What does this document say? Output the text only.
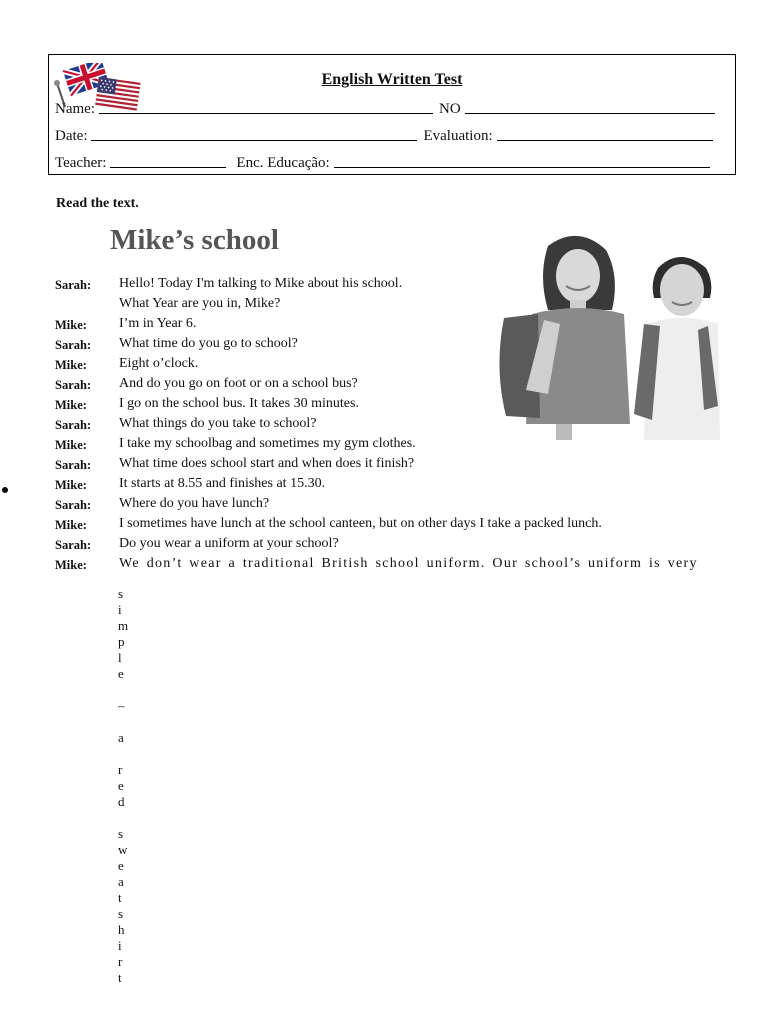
English Written Test
Name:	NO
Date:	Evaluation:
Teacher:	Enc. Educação:
Read the text.
Mike’s school
Sarah: Hello! Today I'm talking to Mike about his school.
What Year are you in, Mike?
Mike: I’m in Year 6.
Sarah: What time do you go to school?
Mike: Eight o’clock.
Sarah: And do you go on foot or on a school bus?
Mike: I go on the school bus. It takes 30 minutes.
Sarah: What things do you take to school?
Mike: I take my schoolbag and sometimes my gym clothes.
Sarah: What time does school start and when does it finish?
Mike: It starts at 8.55 and finishes at 15.30.
Sarah: Where do you have lunch?
Mike: I sometimes have lunch at the school canteen, but on other days I take a packed lunch.
Sarah: Do you wear a uniform at your school?
Mike: We don’t wear a traditional British school uniform. Our school’s uniform is very
s
i
m
p
l
e

–

a

r
e
d

s
w
e
a
t
s
h
i
r
t
